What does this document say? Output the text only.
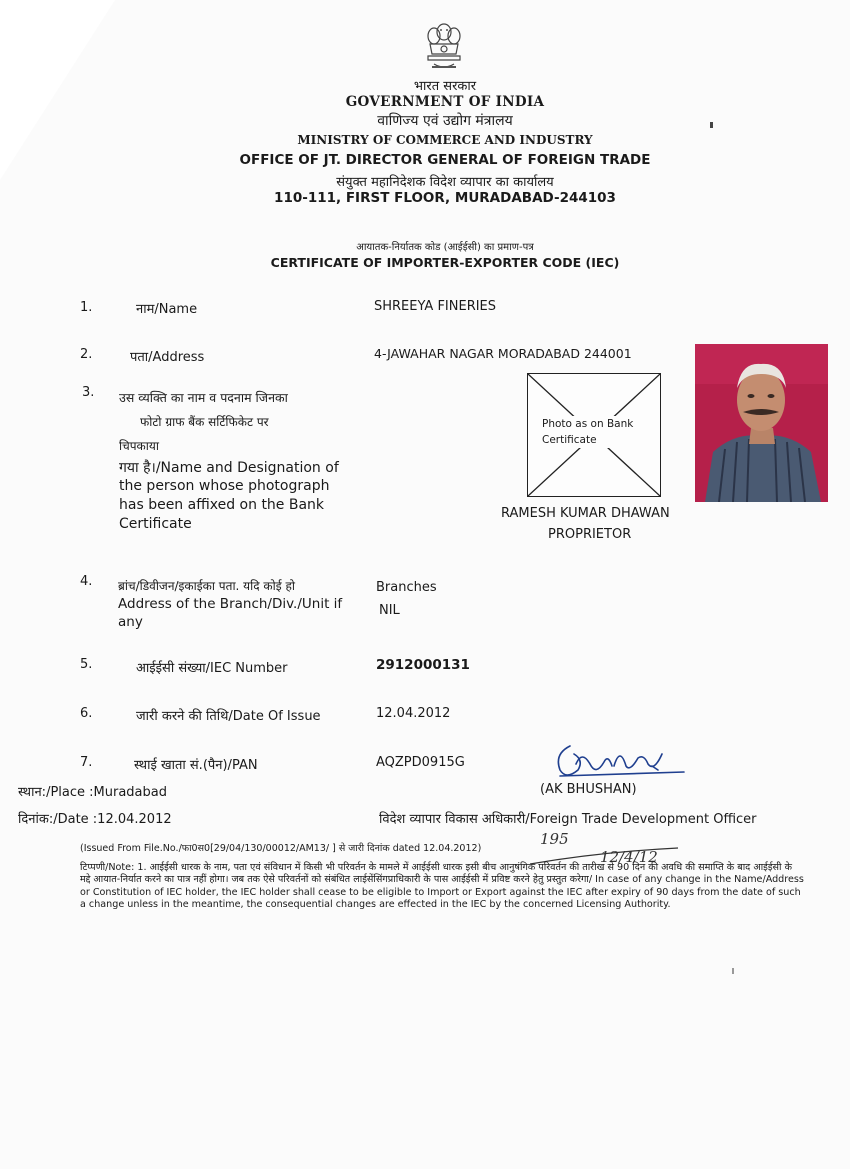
भारत सरकार
GOVERNMENT OF INDIA
वाणिज्य एवं उद्योग मंत्रालय
MINISTRY OF COMMERCE AND INDUSTRY
OFFICE OF JT. DIRECTOR GENERAL OF FOREIGN TRADE
संयुक्त महानिदेशक विदेश व्यापार का कार्यालय
110-111, FIRST FLOOR, MURADABAD-244103
आयातक-निर्यातक कोड (आईईसी) का प्रमाण-पत्र
CERTIFICATE OF IMPORTER-EXPORTER CODE (IEC)
1.	नाम/Name	SHREEYA FINERIES
2.	पता/Address	4-JAWAHAR NAGAR MORADABAD 244001
3. उस व्यक्ति का नाम व पदनाम जिनका
फोटो ग्राफ बैंक सर्टिफिकेट पर
चिपकाया
गया है।/Name and Designation of
the person whose photograph
has been affixed on the Bank
Certificate
Photo as on Bank
Certificate
RAMESH KUMAR DHAWAN
PROPRIETOR
4. ब्रांच/डिवीजन/इकाईका पता. यदि कोई हो
Address of the Branch/Div./Unit if
any
Branches
NIL
5.	आईईसी संख्या/IEC Number	2912000131
6.	जारी करने की तिथि/Date Of Issue	12.04.2012
7.	स्थाई खाता सं.(पैन)/PAN	AQZPD0915G
स्थान:/Place :Muradabad	(AK BHUSHAN)
दिनांक:/Date :12.04.2012	विदेश व्यापार विकास अधिकारी/Foreign Trade Development Officer
(Issued From File.No./फा0स0[29/04/130/00012/AM13/ ] से जारी दिनांक dated 12.04.2012)
19512/4/12
टिप्पणी/Note: 1. आईईसी धारक के नाम, पता एवं संविधान में किसी भी परिवर्तन के मामले में आईईसी धारक इसी बीच आनुषंगिक परिवर्तन की तारीख से 90 दिन की अवधि की समाप्ति के बाद आईईसी के मद्दे आयात-निर्यात करने का पात्र नहीं होगा। जब तक ऐसे परिवर्तनों को संबंधित लाईसेंसिंगप्राधिकारी के पास आईईसी में प्रविष्ट करने हेतु प्रस्तुत करेगा/ In case of any change in the Name/Address or Constitution of IEC holder, the IEC holder shall cease to be eligible to Import or Export against the IEC after expiry of 90 days from the date of such a change unless in the meantime, the consequential changes are effected in the IEC by the concerned Licensing Authority.
